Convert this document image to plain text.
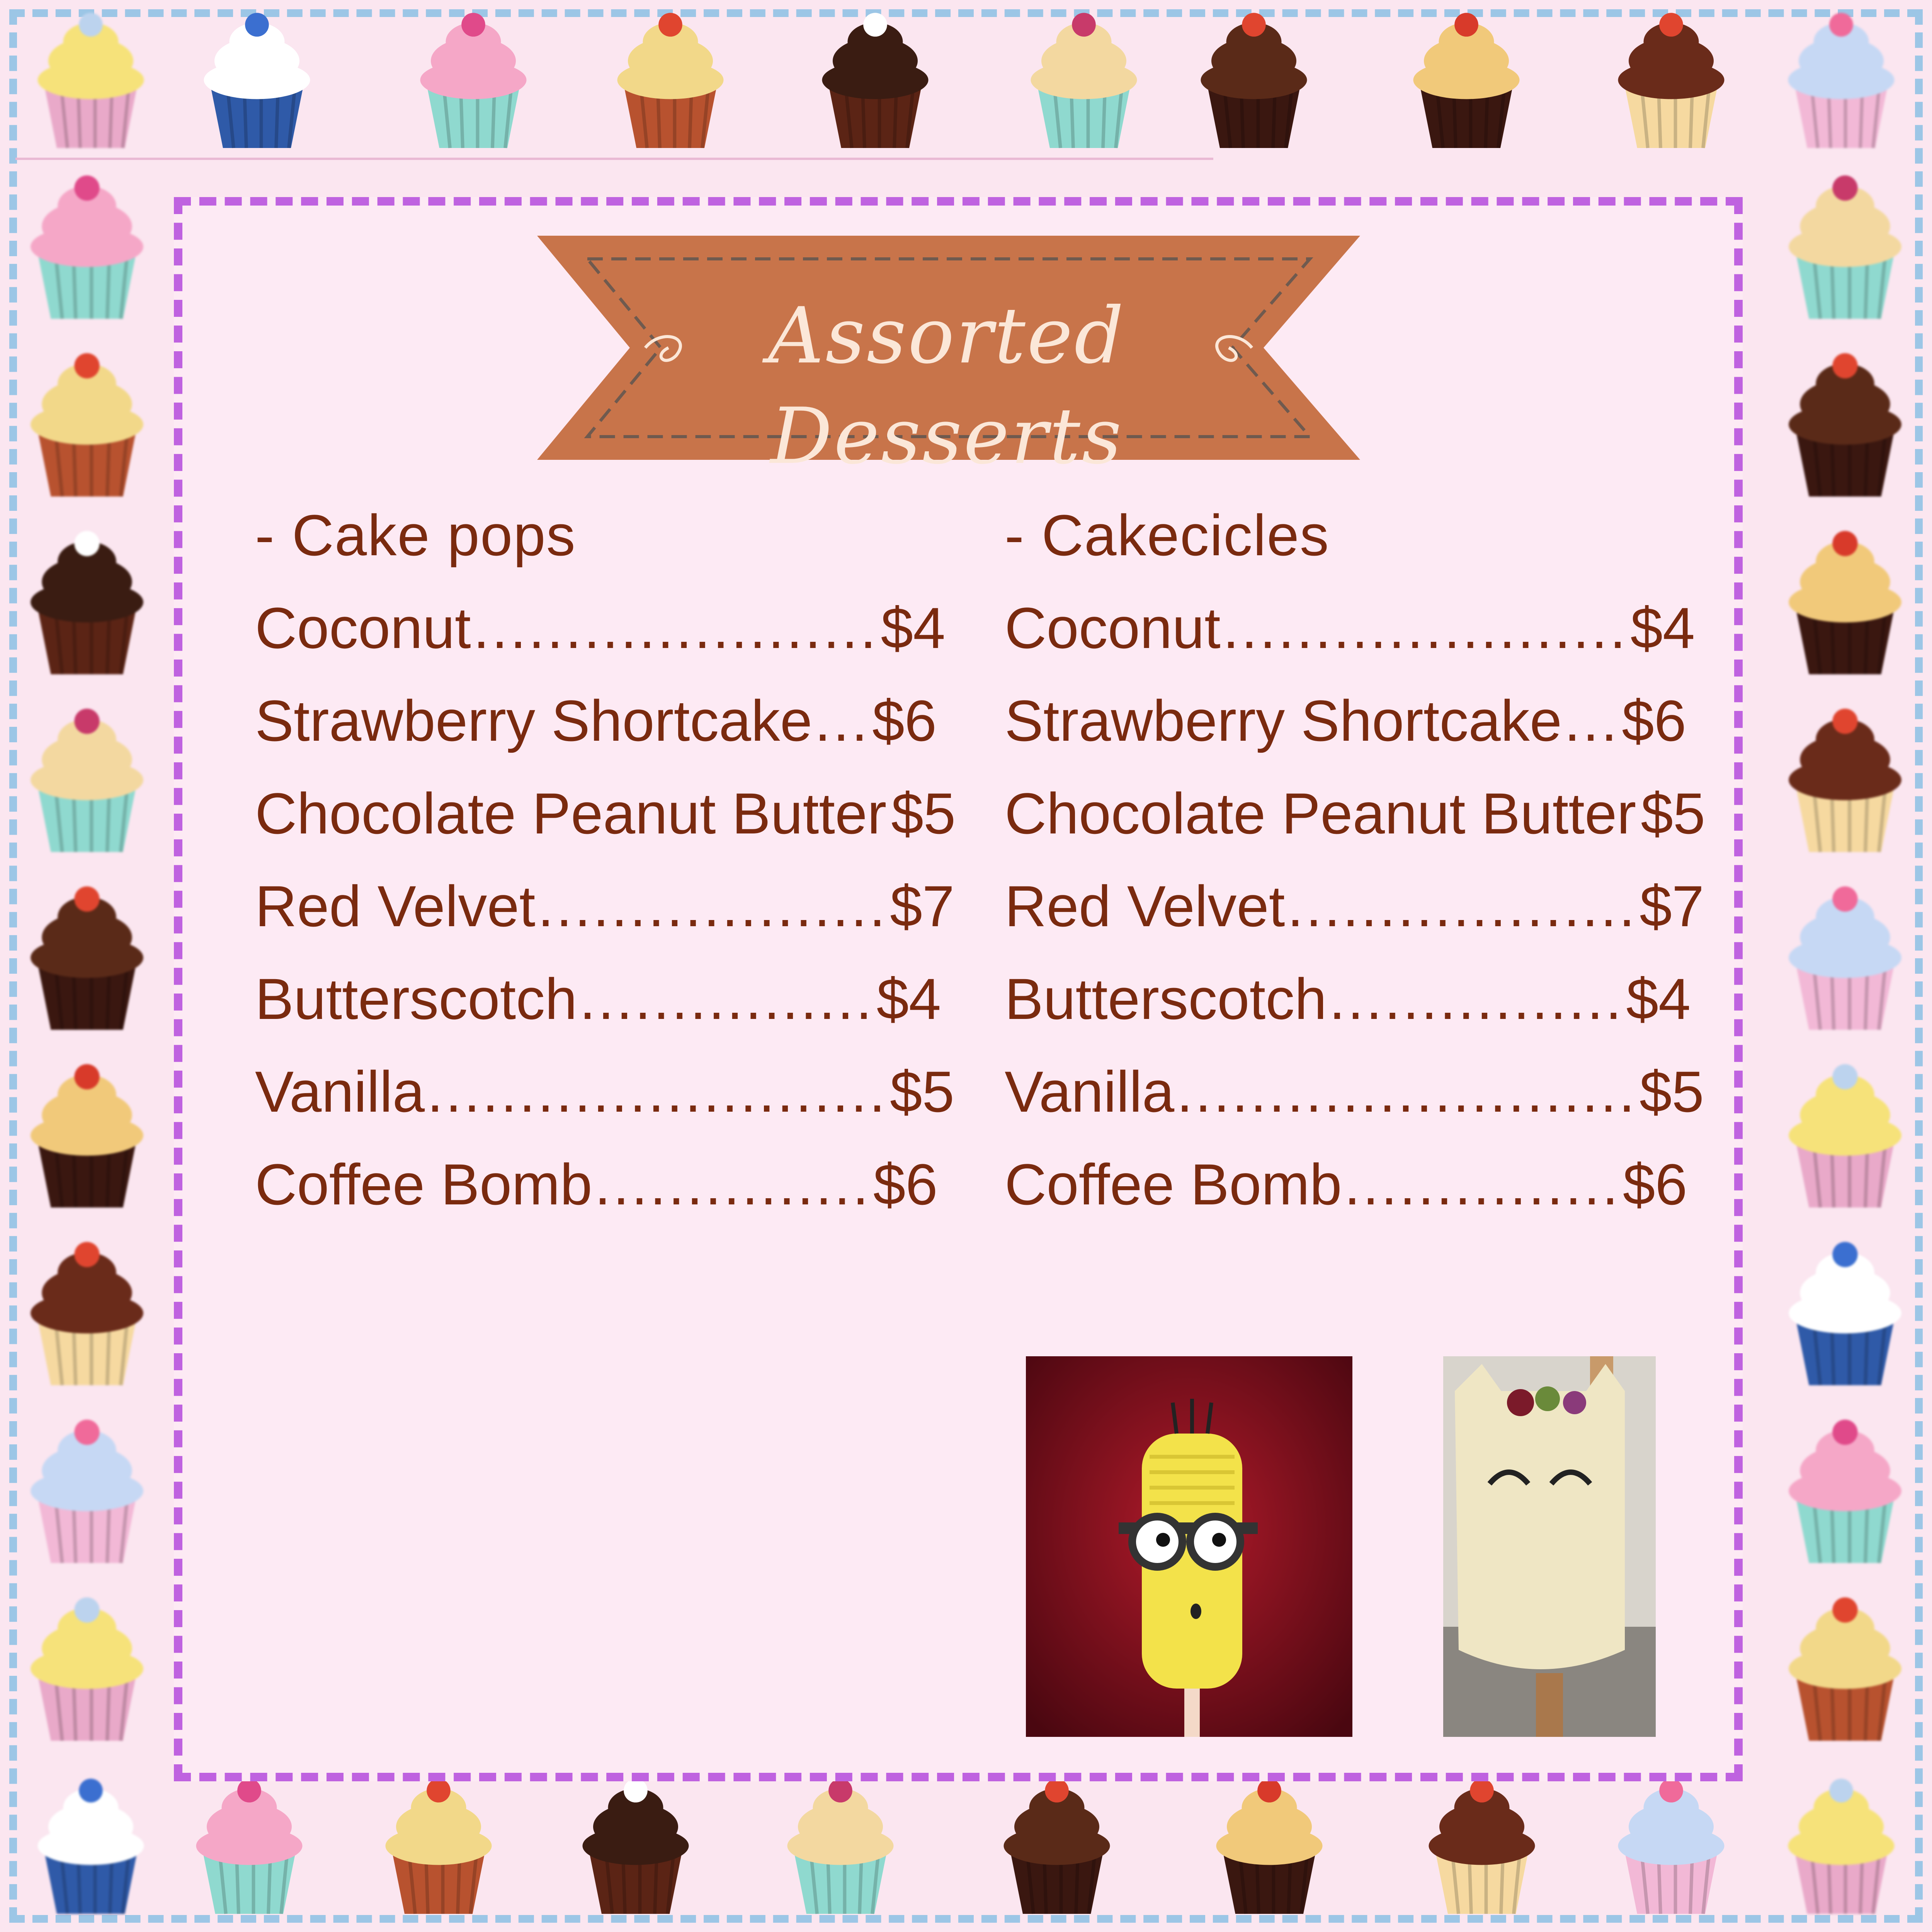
Assorted Desserts
- Cake pops
Coconut ...................... $4
Strawberry Shortcake ... $6
Chocolate Peanut Butter $5
Red Velvet ................... $7
Butterscotch ................ $4
Vanilla ......................... $5
Coffee Bomb ............... $6
- Cakecicles
Coconut ...................... $4
Strawberry Shortcake ... $6
Chocolate Peanut Butter $5
Red Velvet ................... $7
Butterscotch ................ $4
Vanilla ......................... $5
Coffee Bomb ............... $6
